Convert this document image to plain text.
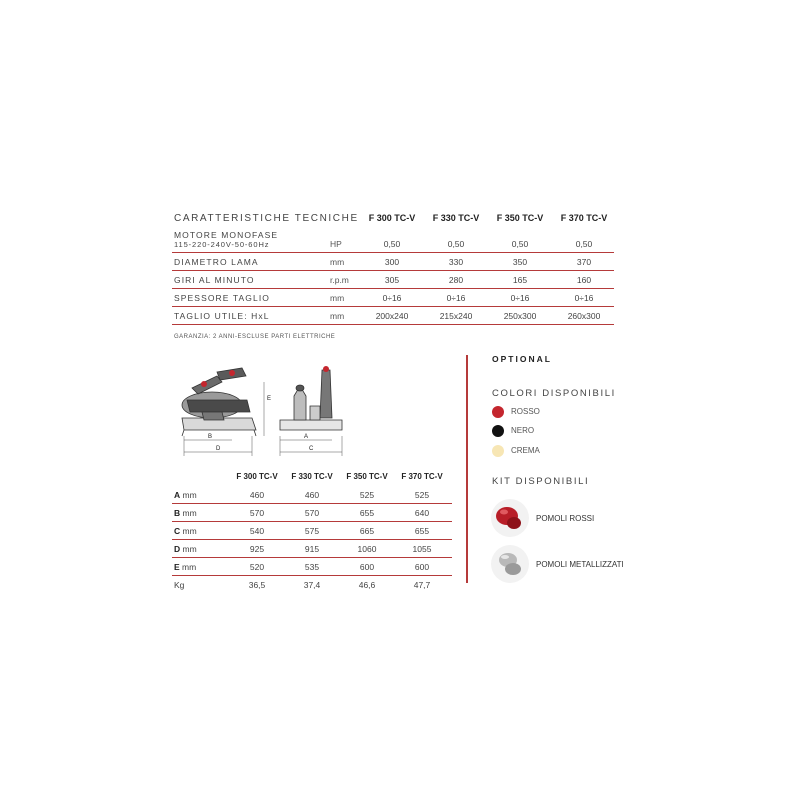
CARATTERISTICHE TECNICHE	F 300 TC-V	F 330 TC-V	F 350 TC-V	F 370 TC-V
MOTORE MONOFASE
115-220-240V-50-60Hz	HP	0,50	0,50	0,50	0,50
DIAMETRO LAMA	mm	300	330	350	370
GIRI AL MINUTO	r.p.m	305	280	165	160
SPESSORE TAGLIO	mm	0÷16	0÷16	0÷16	0÷16
TAGLIO UTILE: HxL	mm	200x240	215x240	250x300	260x300
GARANZIA: 2 ANNI-ESCLUSE PARTI ELETTRICHE
B
D
A
C
E
F 300 TC-V	F 330 TC-V	F 350 TC-V	F 370 TC-V
A mm	460	460	525	525
B mm	570	570	655	640
C mm	540	575	665	655
D mm	925	915	1060	1055
E mm	520	535	600	600
Kg	36,5	37,4	46,6	47,7
OPTIONAL
COLORI DISPONIBILI
ROSSO
NERO
CREMA
KIT DISPONIBILI
POMOLI ROSSI
POMOLI METALLIZZATI
